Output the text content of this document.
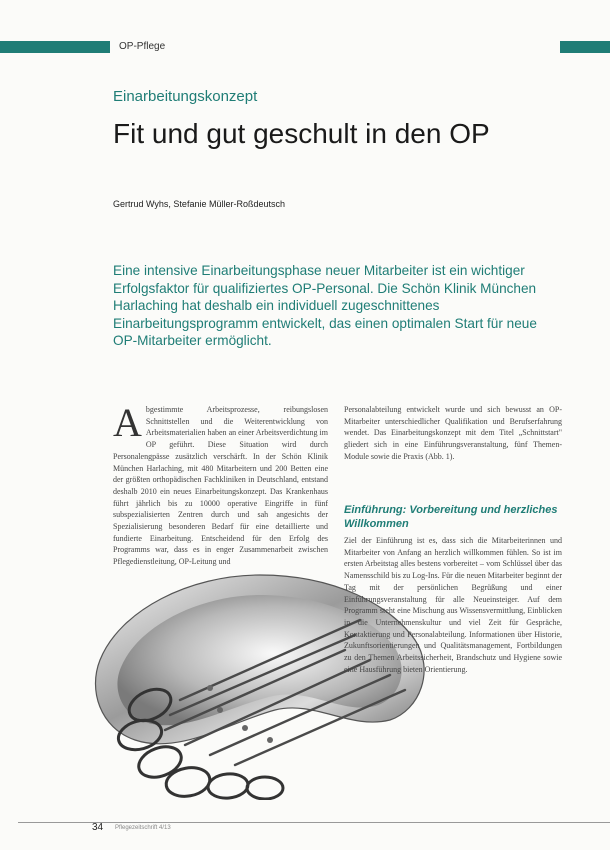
OP-Pflege
Einarbeitungskonzept
Fit und gut geschult in den OP
Gertrud Wyhs, Stefanie Müller-Roßdeutsch

Eine intensive Einarbeitungsphase neuer Mitarbeiter ist ein wichtiger Erfolgsfaktor für qualifiziertes OP-Personal. Die Schön Klinik München Harlaching hat deshalb ein individuell zugeschnittenes Einarbeitungsprogramm entwickelt, das einen optimalen Start für neue OP-Mitarbeiter ermöglicht.

Abgestimmte Arbeitsprozesse, reibungslosen Schnittstellen und die Weiterentwicklung von Arbeitsmaterialien haben an einer Arbeitsverdichtung im OP geführt. Diese Situation wird durch Personalengpässe zusätzlich verschärft. In der Schön Klinik München Harlaching, mit 480 Mitarbeitern und 200 Betten eine der größten orthopädischen Fachkliniken in Deutschland, entstand deshalb 2010 ein neues Einarbeitungskonzept. Das Krankenhaus führt jährlich bis zu 10000 operative Eingriffe in fünf subspezialisierten Zentren durch und sah angesichts der Spezialisierung besonderen Bedarf für eine detaillierte und fundierte Einarbeitung. Entscheidend für den Erfolg des Programms war, dass es in enger Zusammenarbeit zwischen Pflegedienstleitung, OP-Leitung und

Personalabteilung entwickelt wurde und sich bewusst an OP-Mitarbeiter unterschiedlicher Qualifikation und Berufserfahrung wendet. Das Einarbeitungskonzept mit dem Titel „Schnittstart" gliedert sich in eine Einführungsveranstaltung, fünf Themen-Module sowie die Praxis (Abb. 1).

Einführung: Vorbereitung und herzliches Willkommen

Ziel der Einführung ist es, dass sich die Mitarbeiterinnen und Mitarbeiter von Anfang an herzlich willkommen fühlen. So ist im ersten Arbeitstag alles bestens vorbereitet – vom Schlüssel über das Namensschild bis zu Log-Ins. Für die neuen Mitarbeiter beginnt der Tag mit der persönlichen Begrüßung und einer Einführungsveranstaltung für alle Neueinsteiger. Auf dem Programm steht eine Mischung aus Wissensvermittlung, Einblicken in die Unternehmenskultur und viel Zeit für Gespräche, Kontaktierung und Personalabteilung. Informationen über Historie, Zukunftsorientierungen und Qualitätsmanagement, Fortbildungen zu den Themen Arbeitssicherheit, Brandschutz und Hygiene sowie eine Hausführung bieten Orientierung.

34 Pflegezeitschrift 4/13
